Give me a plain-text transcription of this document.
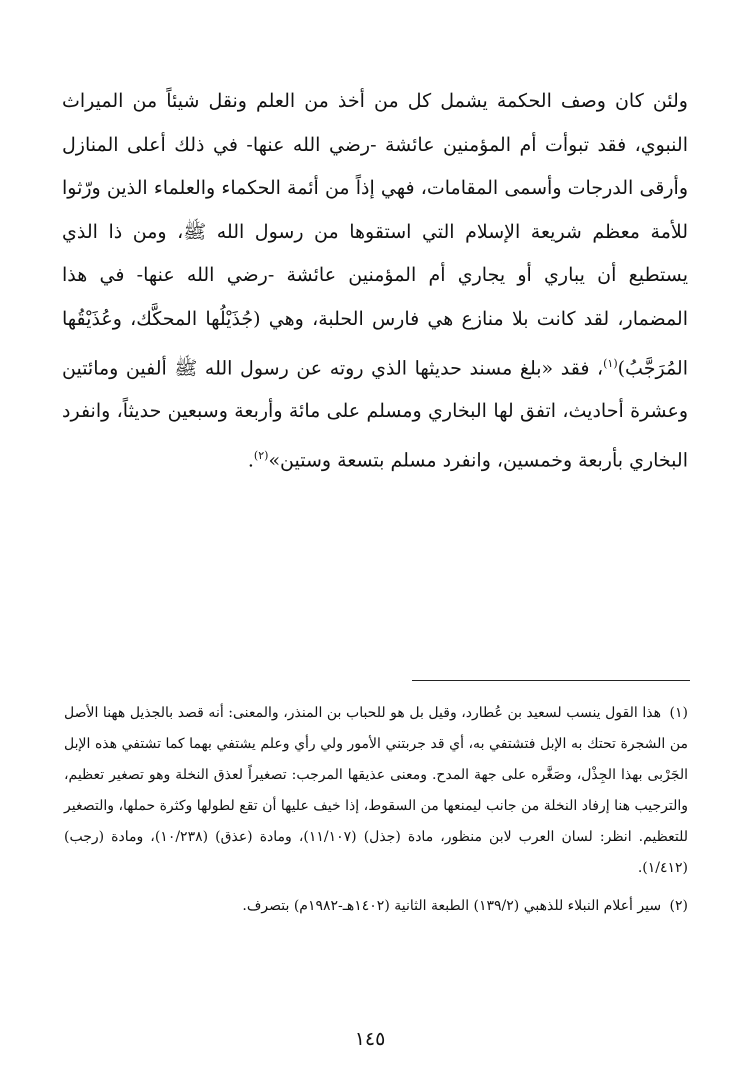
ولئن كان وصف الحكمة يشمل كل من أخذ من العلم ونقل شيئاً من الميراث النبوي، فقد تبوأت أم المؤمنين عائشة -رضي الله عنها- في ذلك أعلى المنازل وأرقى الدرجات وأسمى المقامات، فهي إذاً من أئمة الحكماء والعلماء الذين ورّثوا للأمة معظم شريعة الإسلام التي استقوها من رسول الله ﷺ، ومن ذا الذي يستطيع أن يباري أو يجاري أم المؤمنين عائشة -رضي الله عنها- في هذا المضمار، لقد كانت بلا منازع هي فارس الحلبة، وهي (جُذَيْلُها المحكَّك، وعُذَيْقُها المُرَجَّبُ)$^{(١)}$، فقد «بلغ مسند حديثها الذي روته عن رسول الله ﷺ ألفين ومائتين وعشرة أحاديث، اتفق لها البخاري ومسلم على مائة وأربعة وسبعين حديثاً، وانفرد البخاري بأربعة وخمسين، وانفرد مسلم بتسعة وستين»$^{(٢)}$.

(١) هذا القول ينسب لسعيد بن عُطارد، وقيل بل هو للحباب بن المنذر، والمعنى: أنه قصد بالجذيل ههنا الأصل من الشجرة تحتك به الإبل فتشتفي به، أي قد جربتني الأمور ولي رأي وعلم يشتفي بهما كما تشتفي هذه الإبل الجَرْبى بهذا الجِذْل، وصَغَّره على جهة المدح. ومعنى عذيقها المرجب: تصغيراً لعذق النخلة وهو تصغير تعظيم، والترجيب هنا إرفاد النخلة من جانب ليمنعها من السقوط، إذا خيف عليها أن تقع لطولها وكثرة حملها، والتصغير للتعظيم. انظر: لسان العرب لابن منظور، مادة (جذل) (١١/١٠٧)، ومادة (عذق) (١٠/٢٣٨)، ومادة (رجب) (١/٤١٢).

(٢) سير أعلام النبلاء للذهبي (١٣٩/٢) الطبعة الثانية (١٤٠٢هـ-١٩٨٢م) بتصرف.

١٤٥
